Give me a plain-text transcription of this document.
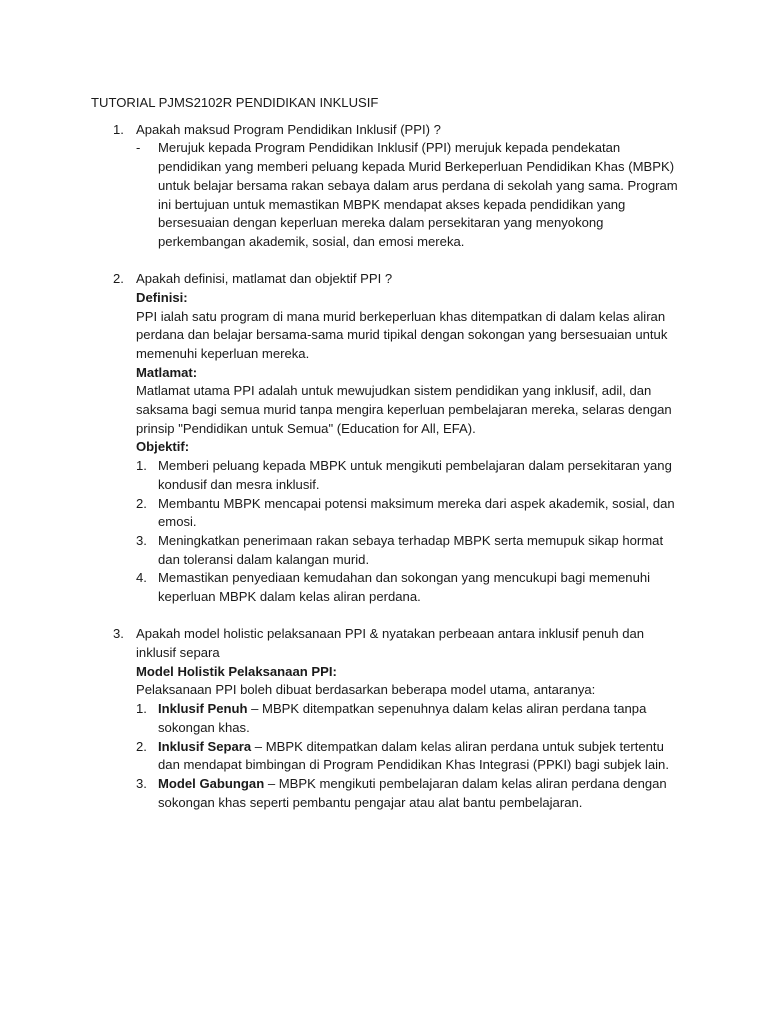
TUTORIAL PJMS2102R PENDIDIKAN INKLUSIF
1. Apakah maksud Program Pendidikan Inklusif (PPI) ?
- Merujuk kepada Program Pendidikan Inklusif (PPI) merujuk kepada pendekatan pendidikan yang memberi peluang kepada Murid Berkeperluan Pendidikan Khas (MBPK) untuk belajar bersama rakan sebaya dalam arus perdana di sekolah yang sama. Program ini bertujuan untuk memastikan MBPK mendapat akses kepada pendidikan yang bersesuaian dengan keperluan mereka dalam persekitaran yang menyokong perkembangan akademik, sosial, dan emosi mereka.
2. Apakah definisi, matlamat dan objektif PPI ?
Definisi:
PPI ialah satu program di mana murid berkeperluan khas ditempatkan di dalam kelas aliran perdana dan belajar bersama-sama murid tipikal dengan sokongan yang bersesuaian untuk memenuhi keperluan mereka.
Matlamat:
Matlamat utama PPI adalah untuk mewujudkan sistem pendidikan yang inklusif, adil, dan saksama bagi semua murid tanpa mengira keperluan pembelajaran mereka, selaras dengan prinsip "Pendidikan untuk Semua" (Education for All, EFA).
Objektif:
1. Memberi peluang kepada MBPK untuk mengikuti pembelajaran dalam persekitaran yang kondusif dan mesra inklusif.
2. Membantu MBPK mencapai potensi maksimum mereka dari aspek akademik, sosial, dan emosi.
3. Meningkatkan penerimaan rakan sebaya terhadap MBPK serta memupuk sikap hormat dan toleransi dalam kalangan murid.
4. Memastikan penyediaan kemudahan dan sokongan yang mencukupi bagi memenuhi keperluan MBPK dalam kelas aliran perdana.
3. Apakah model holistic pelaksanaan PPI & nyatakan perbeaan antara inklusif penuh dan inklusif separa
Model Holistik Pelaksanaan PPI:
Pelaksanaan PPI boleh dibuat berdasarkan beberapa model utama, antaranya:
1. Inklusif Penuh – MBPK ditempatkan sepenuhnya dalam kelas aliran perdana tanpa sokongan khas.
2. Inklusif Separa – MBPK ditempatkan dalam kelas aliran perdana untuk subjek tertentu dan mendapat bimbingan di Program Pendidikan Khas Integrasi (PPKI) bagi subjek lain.
3. Model Gabungan – MBPK mengikuti pembelajaran dalam kelas aliran perdana dengan sokongan khas seperti pembantu pengajar atau alat bantu pembelajaran.
